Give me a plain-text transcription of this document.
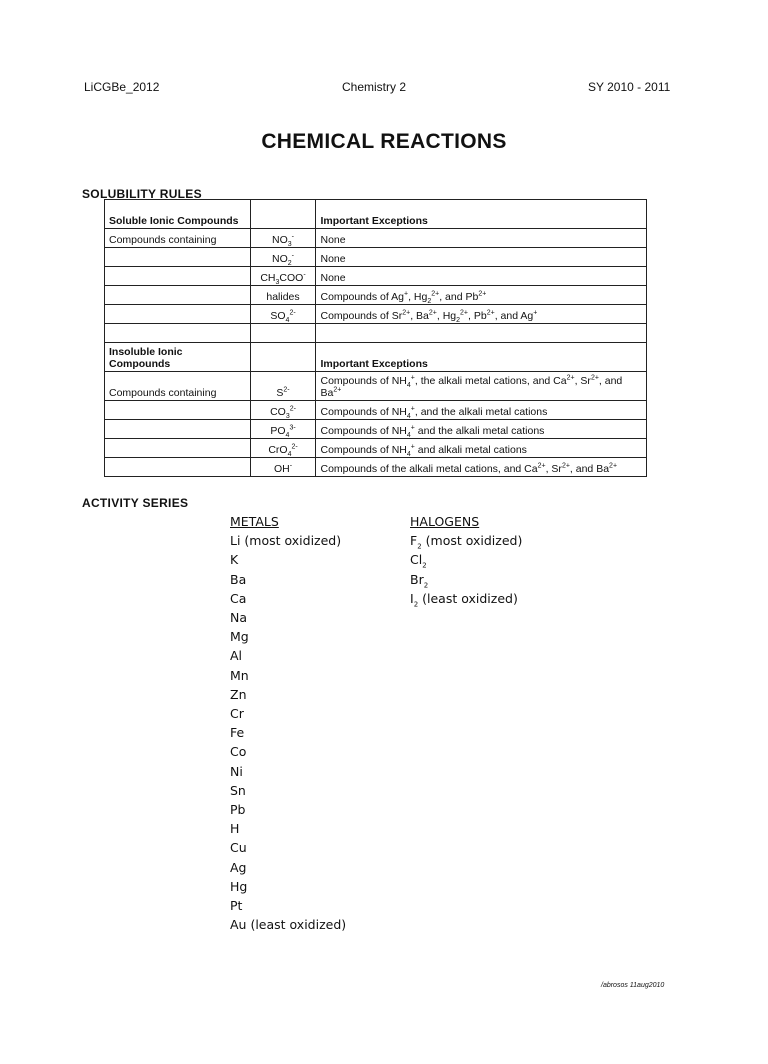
LiCGBe_2012	Chemistry 2	SY 2010 - 2011
CHEMICAL REACTIONS
SOLUBILITY RULES
Soluble Ionic Compounds		Important Exceptions
Compounds containing	$NO_3^-$	None
	$NO_2^-$	None
	$CH_3COO^-$	None
	halides	Compounds of Ag+, $Hg_2^{2+}$, and $Pb^{2+}$
	$SO_4^{2-}$	Compounds of $Sr^{2+}$, $Ba^{2+}$, $Hg_2^{2+}$, $Pb^{2+}$, and Ag+

Insoluble Ionic Compounds		Important Exceptions
Compounds containing	$S^{2-}$	Compounds of $NH_4^+$, the alkali metal cations, and $Ca^{2+}$, $Sr^{2+}$, and $Ba^{2+}$
	$CO_3^{2-}$	Compounds of $NH_4^+$, and the alkali metal cations
	$PO_4^{3-}$	Compounds of $NH_4^+$ and the alkali metal cations
	CrO$_4^{2-}$	Compounds of $NH_4^+$ and alkali metal cations
	OH-	Compounds of the alkali metal cations, and $Ca^{2+}$, $Sr^{2+}$, and $Ba^{2+}$
ACTIVITY SERIES
METALS
Li (most oxidized)
K
Ba
Ca
Na
Mg
Al
Mn
Zn
Cr
Fe
Co
Ni
Sn
Pb
H
Cu
Ag
Hg
Pt
Au (least oxidized)
HALOGENS
$F_2$ (most oxidized)
$Cl_2$
$Br_2$
$I_2$ (least oxidized)
/abrosos 11aug2010
